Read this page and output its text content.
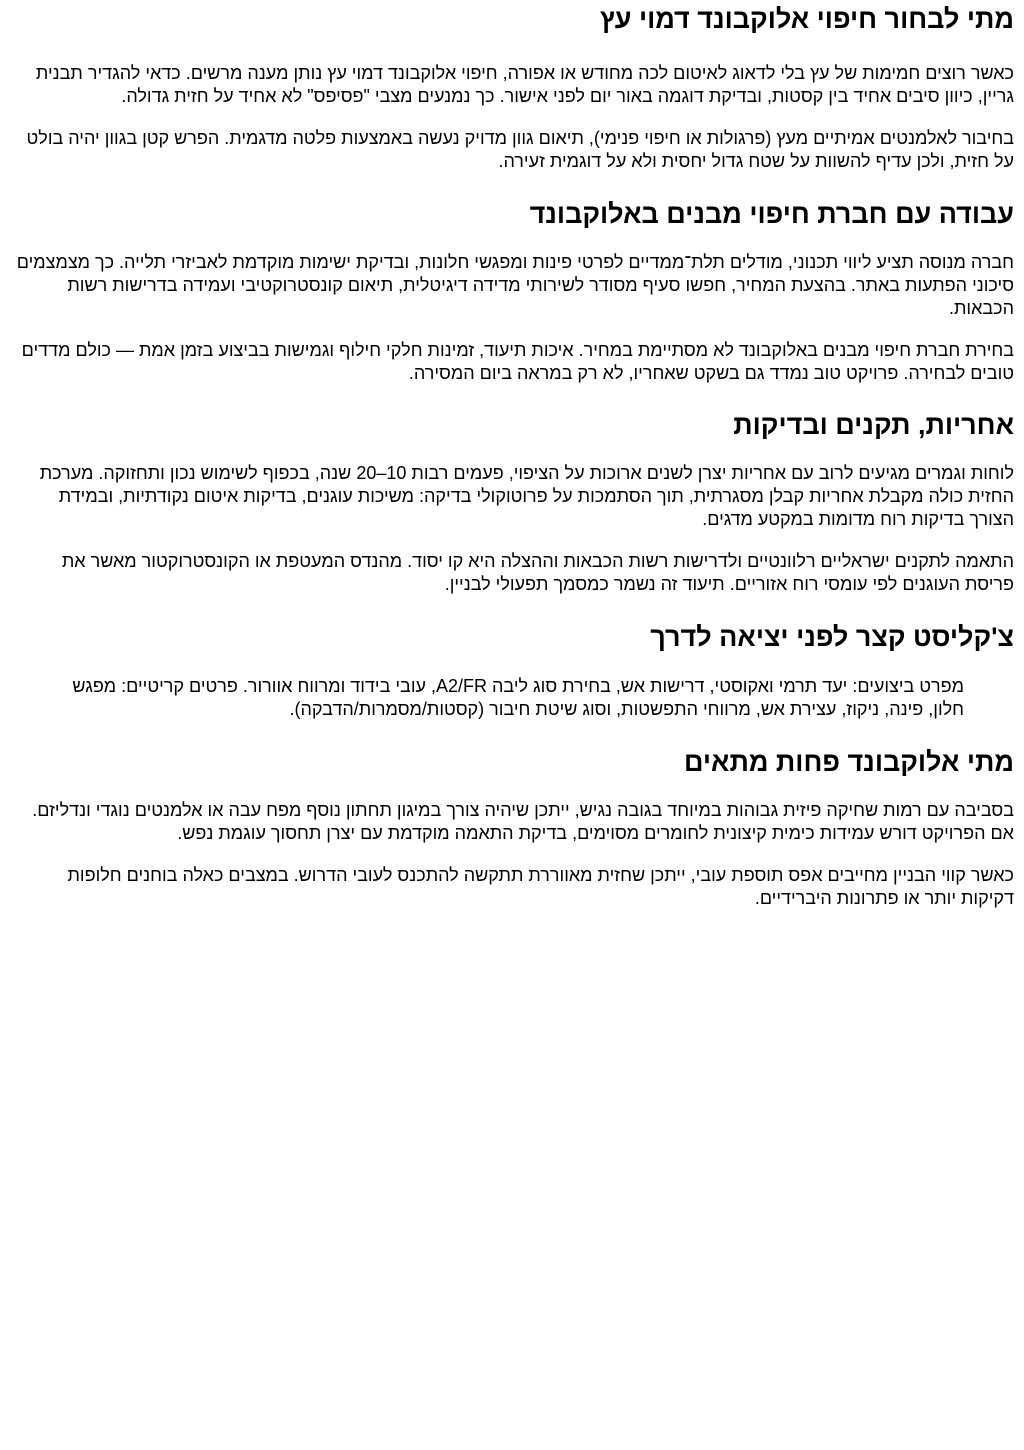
מתי לבחור חיפוי אלוקבונד דמוי עץ

כאשר רוצים חמימות של עץ בלי לדאוג לאיטום לכה מחודש או אפורה, חיפוי אלוקבונד דמוי עץ נותן מענה מרשים. כדאי להגדיר תבנית גריין, כיוון סיבים אחיד בין קסטות, ובדיקת דוגמה באור יום לפני אישור. כך נמנעים מצבי "פסיפס" לא אחיד על חזית גדולה.

בחיבור לאלמנטים אמיתיים מעץ (פרגולות או חיפוי פנימי), תיאום גוון מדויק נעשה באמצעות פלטה מדגמית. הפרש קטן בגוון יהיה בולט על חזית, ולכן עדיף להשוות על שטח גדול יחסית ולא על דוגמית זעירה.

עבודה עם חברת חיפוי מבנים באלוקבונד

חברה מנוסה תציע ליווי תכנוני, מודלים תלת־ממדיים לפרטי פינות ומפגשי חלונות, ובדיקת ישימות מוקדמת לאביזרי תלייה. כך מצמצמים סיכוני הפתעות באתר. בהצעת המחיר, חפשו סעיף מסודר לשירותי מדידה דיגיטלית, תיאום קונסטרוקטיבי ועמידה בדרישות רשות הכבאות.

בחירת חברת חיפוי מבנים באלוקבונד לא מסתיימת במחיר. איכות תיעוד, זמינות חלקי חילוף וגמישות בביצוע בזמן אמת — כולם מדדים טובים לבחירה. פרויקט טוב נמדד גם בשקט שאחריו, לא רק במראה ביום המסירה.

אחריות, תקנים ובדיקות

לוחות וגמרים מגיעים לרוב עם אחריות יצרן לשנים ארוכות על הציפוי, פעמים רבות 10–20 שנה, בכפוף לשימוש נכון ותחזוקה. מערכת החזית כולה מקבלת אחריות קבלן מסגרתית, תוך הסתמכות על פרוטוקולי בדיקה: משיכות עוגנים, בדיקות איטום נקודתיות, ובמידת הצורך בדיקות רוח מדומות במקטע מדגים.

התאמה לתקנים ישראליים רלוונטיים ולדרישות רשות הכבאות וההצלה היא קו יסוד. מהנדס המעטפת או הקונסטרוקטור מאשר את פריסת העוגנים לפי עומסי רוח אזוריים. תיעוד זה נשמר כמסמך תפעולי לבניין.

צ'קליסט קצר לפני יציאה לדרך
מפרט ביצועים: יעד תרמי ואקוסטי, דרישות אש, בחירת סוג ליבה A2/FR, עובי בידוד ומרווח אוורור. פרטים קריטיים: מפגש חלון, פינה, ניקוז, עצירת אש, מרווחי התפשטות, וסוג שיטת חיבור (קסטות/מסמרות/הדבקה).
מתי אלוקבונד פחות מתאים

בסביבה עם רמות שחיקה פיזית גבוהות במיוחד בגובה נגיש, ייתכן שיהיה צורך במיגון תחתון נוסף מפח עבה או אלמנטים נוגדי ונדליזם. אם הפרויקט דורש עמידות כימית קיצונית לחומרים מסוימים, בדיקת התאמה מוקדמת עם יצרן תחסוך עוגמת נפש.

כאשר קווי הבניין מחייבים אפס תוספת עובי, ייתכן שחזית מאווררת תתקשה להתכנס לעובי הדרוש. במצבים כאלה בוחנים חלופות דקיקות יותר או פתרונות היברידיים.
